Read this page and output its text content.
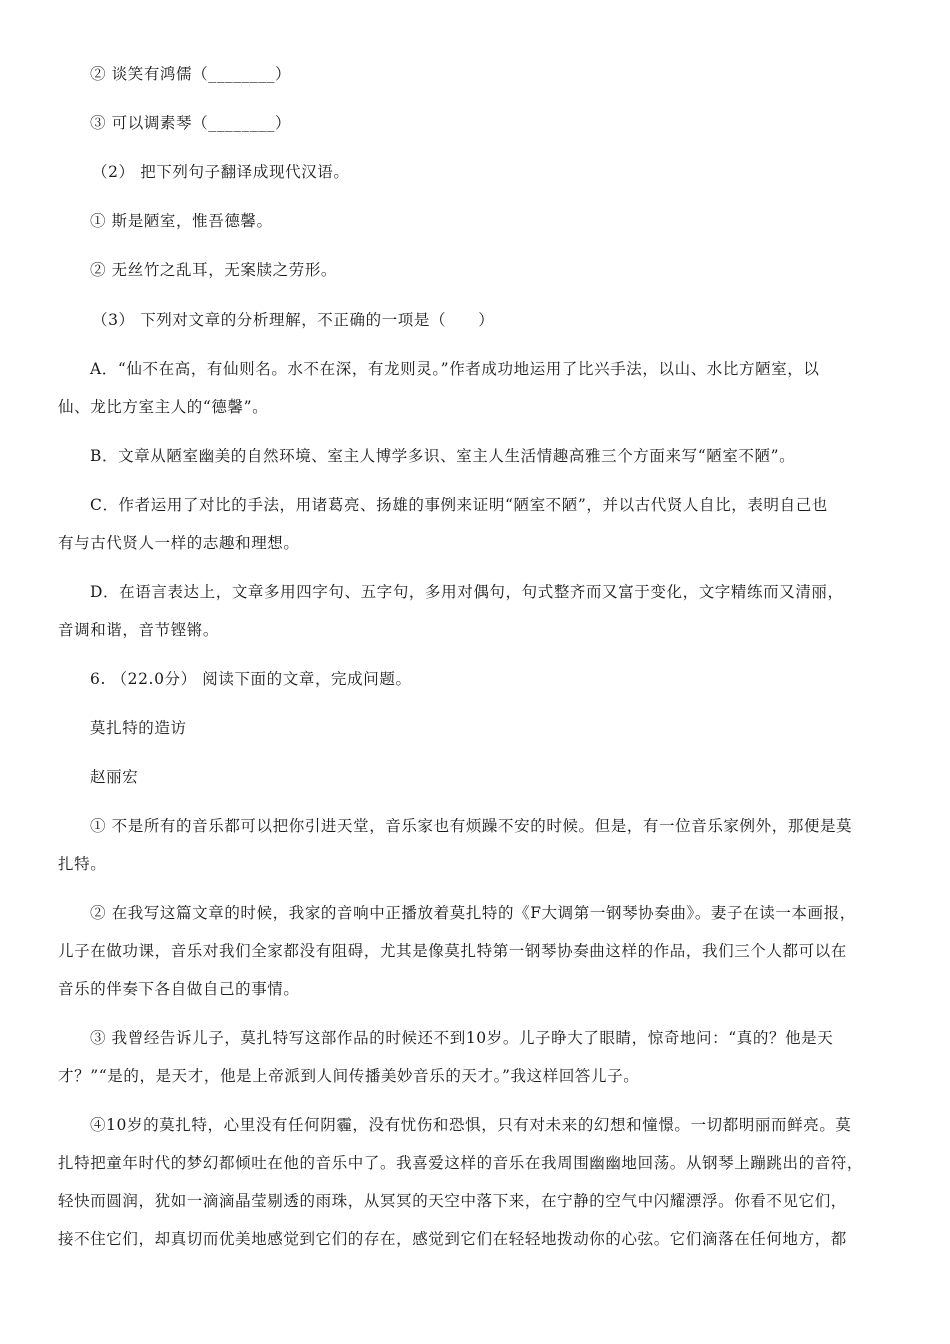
② 谈笑有鸿儒（________）
③ 可以调素琴（________）
（2） 把下列句子翻译成现代汉语。
① 斯是陋室，惟吾德馨。
② 无丝竹之乱耳，无案牍之劳形。
（3） 下列对文章的分析理解，不正确的一项是（　　）
A．“仙不在高，有仙则名。水不在深，有龙则灵。”作者成功地运用了比兴手法，以山、水比方陋室，以
仙、龙比方室主人的“德馨”。
B．文章从陋室幽美的自然环境、室主人博学多识、室主人生活情趣高雅三个方面来写“陋室不陋”。
C．作者运用了对比的手法，用诸葛亮、扬雄的事例来证明“陋室不陋”，并以古代贤人自比，表明自己也
有与古代贤人一样的志趣和理想。
D．在语言表达上，文章多用四字句、五字句，多用对偶句，句式整齐而又富于变化，文字精练而又清丽，
音调和谐，音节铿锵。
6. （22.0分） 阅读下面的文章，完成问题。
莫扎特的造访
赵丽宏
① 不是所有的音乐都可以把你引进天堂，音乐家也有烦躁不安的时候。但是，有一位音乐家例外，那便是莫
扎特。
② 在我写这篇文章的时候，我家的音响中正播放着莫扎特的《F大调第一钢琴协奏曲》。妻子在读一本画报，
儿子在做功课，音乐对我们全家都没有阻碍，尤其是像莫扎特第一钢琴协奏曲这样的作品，我们三个人都可以在
音乐的伴奏下各自做自己的事情。
③ 我曾经告诉儿子，莫扎特写这部作品的时候还不到10岁。儿子睁大了眼睛，惊奇地问：“真的？他是天
才？”“是的，是天才，他是上帝派到人间传播美妙音乐的天才。”我这样回答儿子。
④10岁的莫扎特，心里没有任何阴霾，没有忧伤和恐惧，只有对未来的幻想和憧憬。一切都明丽而鲜亮。莫
扎特把童年时代的梦幻都倾吐在他的音乐中了。我喜爱这样的音乐在我周围幽幽地回荡。从钢琴上蹦跳出的音符，
轻快而圆润，犹如一滴滴晶莹剔透的雨珠，从冥冥的天空中落下来，在宁静的空气中闪耀漂浮。你看不见它们，
接不住它们，却真切而优美地感觉到它们的存在，感觉到它们在轻轻地拨动你的心弦。它们滴落在任何地方，都
